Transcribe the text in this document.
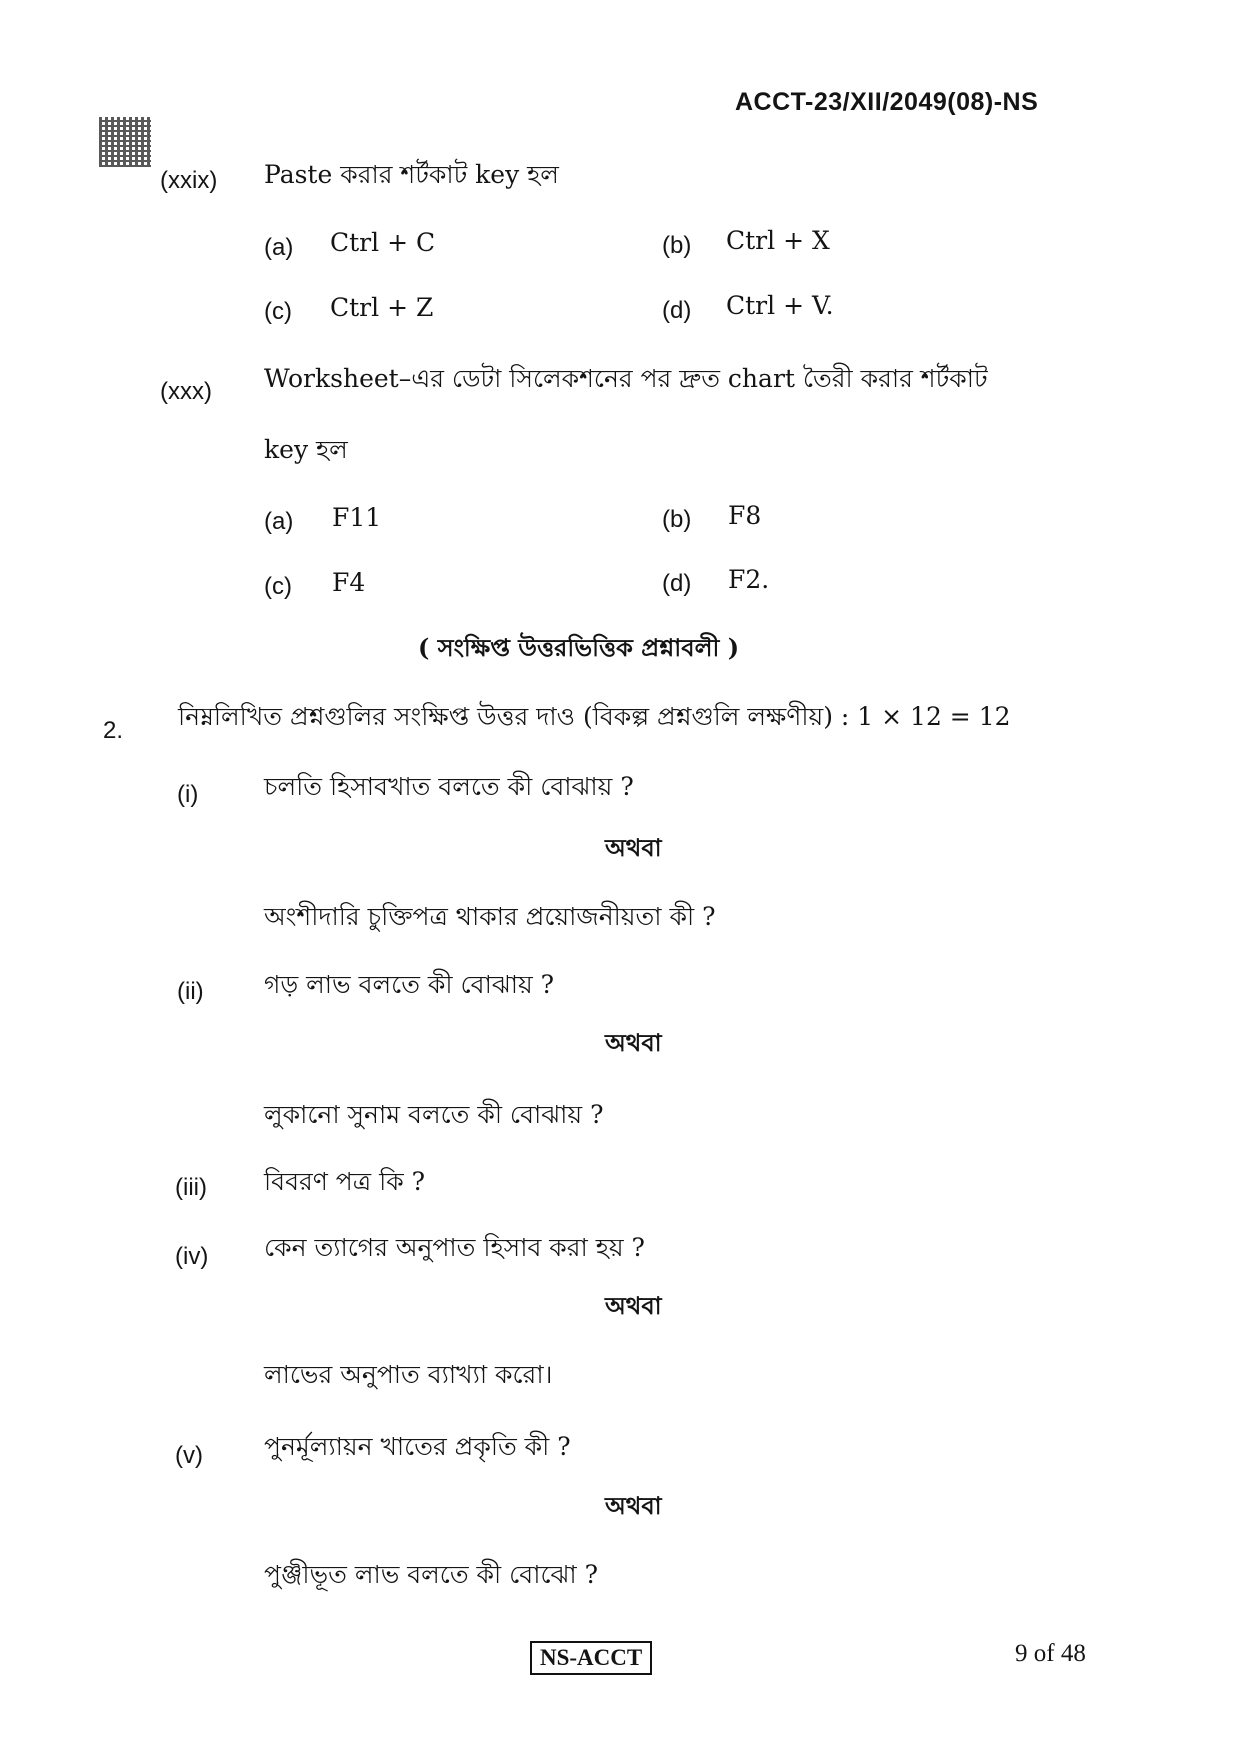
ACCT-23/XII/2049(08)-NS
(xxix) Paste করার শর্টকাট key হল
(a) Ctrl + C	(b) Ctrl + X
(c) Ctrl + Z	(d) Ctrl + V.
(xxx) Worksheet–এর ডেটা সিলেকশনের পর দ্রুত chart তৈরী করার শর্টকাট
key হল
(a) F11	(b) F8
(c) F4	(d) F2.
( সংক্ষিপ্ত উত্তরভিত্তিক প্রশ্নাবলী )
2. নিম্নলিখিত প্রশ্নগুলির সংক্ষিপ্ত উত্তর দাও (বিকল্প প্রশ্নগুলি লক্ষণীয়) : 1 × 12 = 12
(i)	চলতি হিসাবখাত বলতে কী বোঝায় ?
অথবা
অংশীদারি চুক্তিপত্র থাকার প্রয়োজনীয়তা কী ?
(ii) গড় লাভ বলতে কী বোঝায় ?
অথবা
লুকানো সুনাম বলতে কী বোঝায় ?
(iii) বিবরণ পত্র কি ?
(iv) কেন ত্যাগের অনুপাত হিসাব করা হয় ?
অথবা
লাভের অনুপাত ব্যাখ্যা করো।
(v) পুনর্মূল্যায়ন খাতের প্রকৃতি কী ?
অথবা
পুঞ্জীভূত লাভ বলতে কী বোঝো ?
NS-ACCT	9 of 48
